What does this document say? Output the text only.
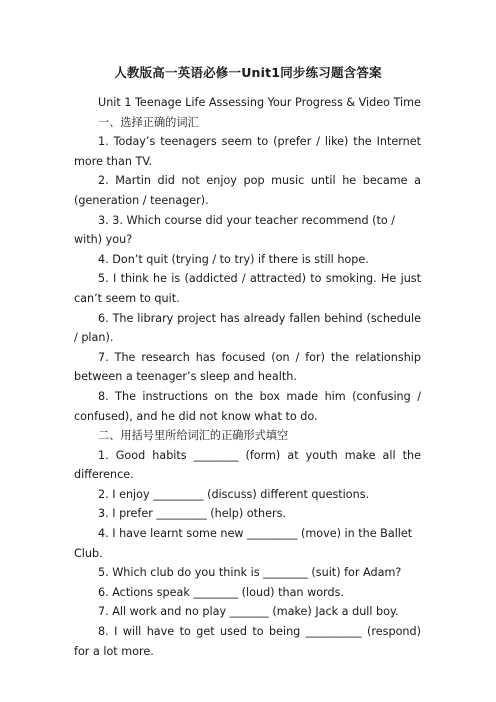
人教版高一英语必修一Unit1同步练习题含答案

Unit 1 Teenage Life Assessing Your Progress & Video Time

一、选择正确的词汇

1. Today’s teenagers seem to (prefer / like) the Internet more than TV.

2. Martin did not enjoy pop music until he became a (generation / teenager).

3. 3. Which course did your teacher recommend (to / with) you?

4. Don’t quit (trying / to try) if there is still hope.

5. I think he is (addicted / attracted) to smoking. He just can’t seem to quit.

6. The library project has already fallen behind (schedule / plan).

7. The research has focused (on / for) the relationship between a teenager’s sleep and health.

8. The instructions on the box made him (confusing / confused), and he did not know what to do.

二、用括号里所给词汇的正确形式填空

1. Good habits ________ (form) at youth make all the difference.

2. I enjoy _________ (discuss) different questions.

3. I prefer _________ (help) others.

4. I have learnt some new _________ (move) in the Ballet Club.

5. Which club do you think is ________ (suit) for Adam?

6. Actions speak ________ (loud) than words.

7. All work and no play _______ (make) Jack a dull boy.

8. I will have to get used to being __________ (respond) for a lot more.
